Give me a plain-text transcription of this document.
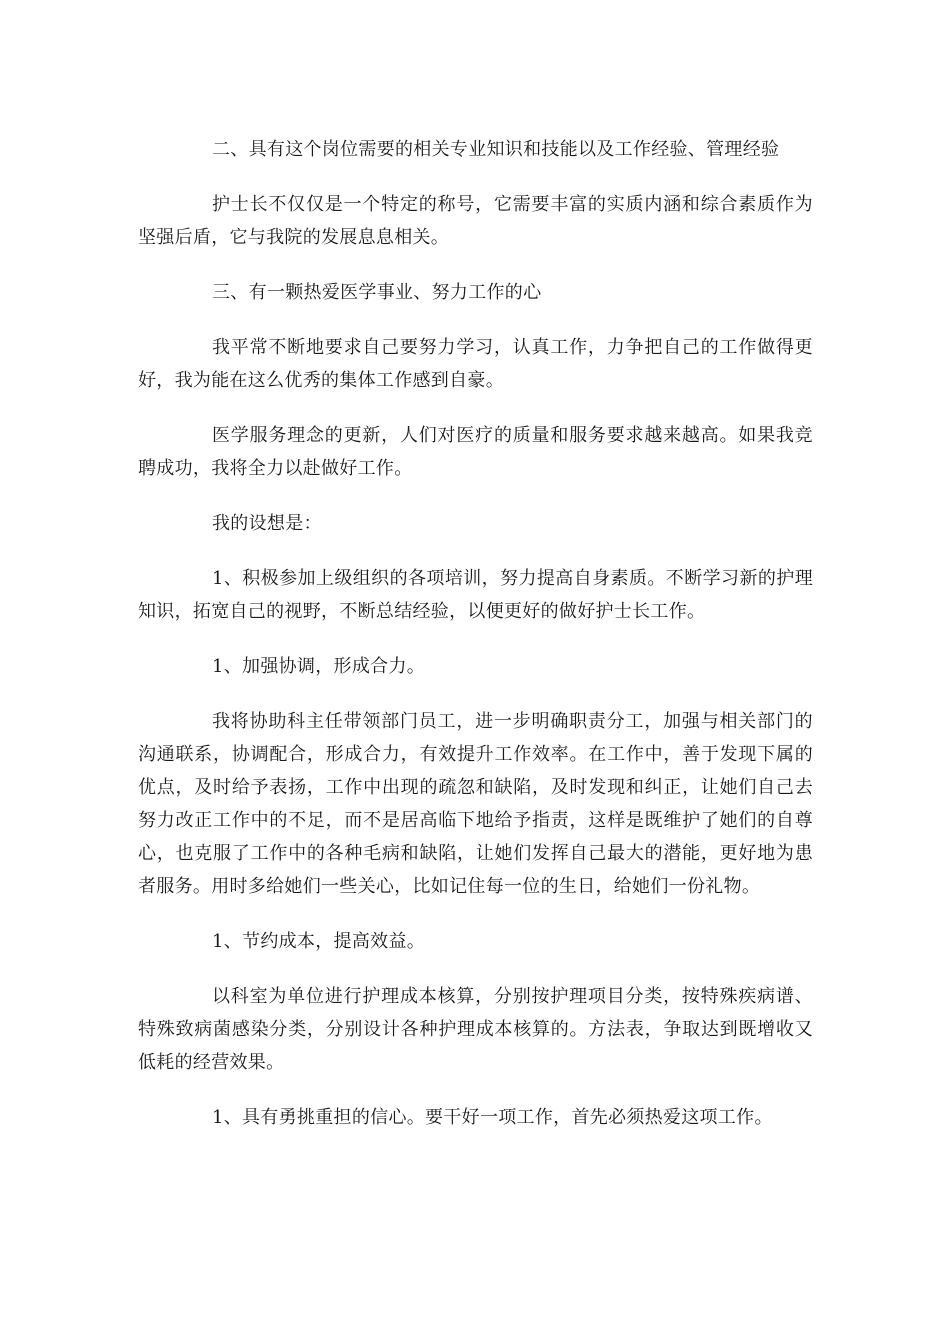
二、具有这个岗位需要的相关专业知识和技能以及工作经验、管理经验

护士长不仅仅是一个特定的称号，它需要丰富的实质内涵和综合素质作为坚强后盾，它与我院的发展息息相关。

三、有一颗热爱医学事业、努力工作的心

我平常不断地要求自己要努力学习，认真工作，力争把自己的工作做得更好，我为能在这么优秀的集体工作感到自豪。

医学服务理念的更新，人们对医疗的质量和服务要求越来越高。如果我竞聘成功，我将全力以赴做好工作。

我的设想是：

1、积极参加上级组织的各项培训，努力提高自身素质。不断学习新的护理知识，拓宽自己的视野，不断总结经验，以便更好的做好护士长工作。

1、加强协调，形成合力。

我将协助科主任带领部门员工，进一步明确职责分工，加强与相关部门的沟通联系，协调配合，形成合力，有效提升工作效率。在工作中，善于发现下属的优点，及时给予表扬，工作中出现的疏忽和缺陷，及时发现和纠正，让她们自己去努力改正工作中的不足，而不是居高临下地给予指责，这样是既维护了她们的自尊心，也克服了工作中的各种毛病和缺陷，让她们发挥自己最大的潜能，更好地为患者服务。用时多给她们一些关心，比如记住每一位的生日，给她们一份礼物。

1、节约成本，提高效益。

以科室为单位进行护理成本核算，分别按护理项目分类，按特殊疾病谱、特殊致病菌感染分类，分别设计各种护理成本核算的。方法表，争取达到既增收又低耗的经营效果。

1、具有勇挑重担的信心。要干好一项工作，首先必须热爱这项工作。
